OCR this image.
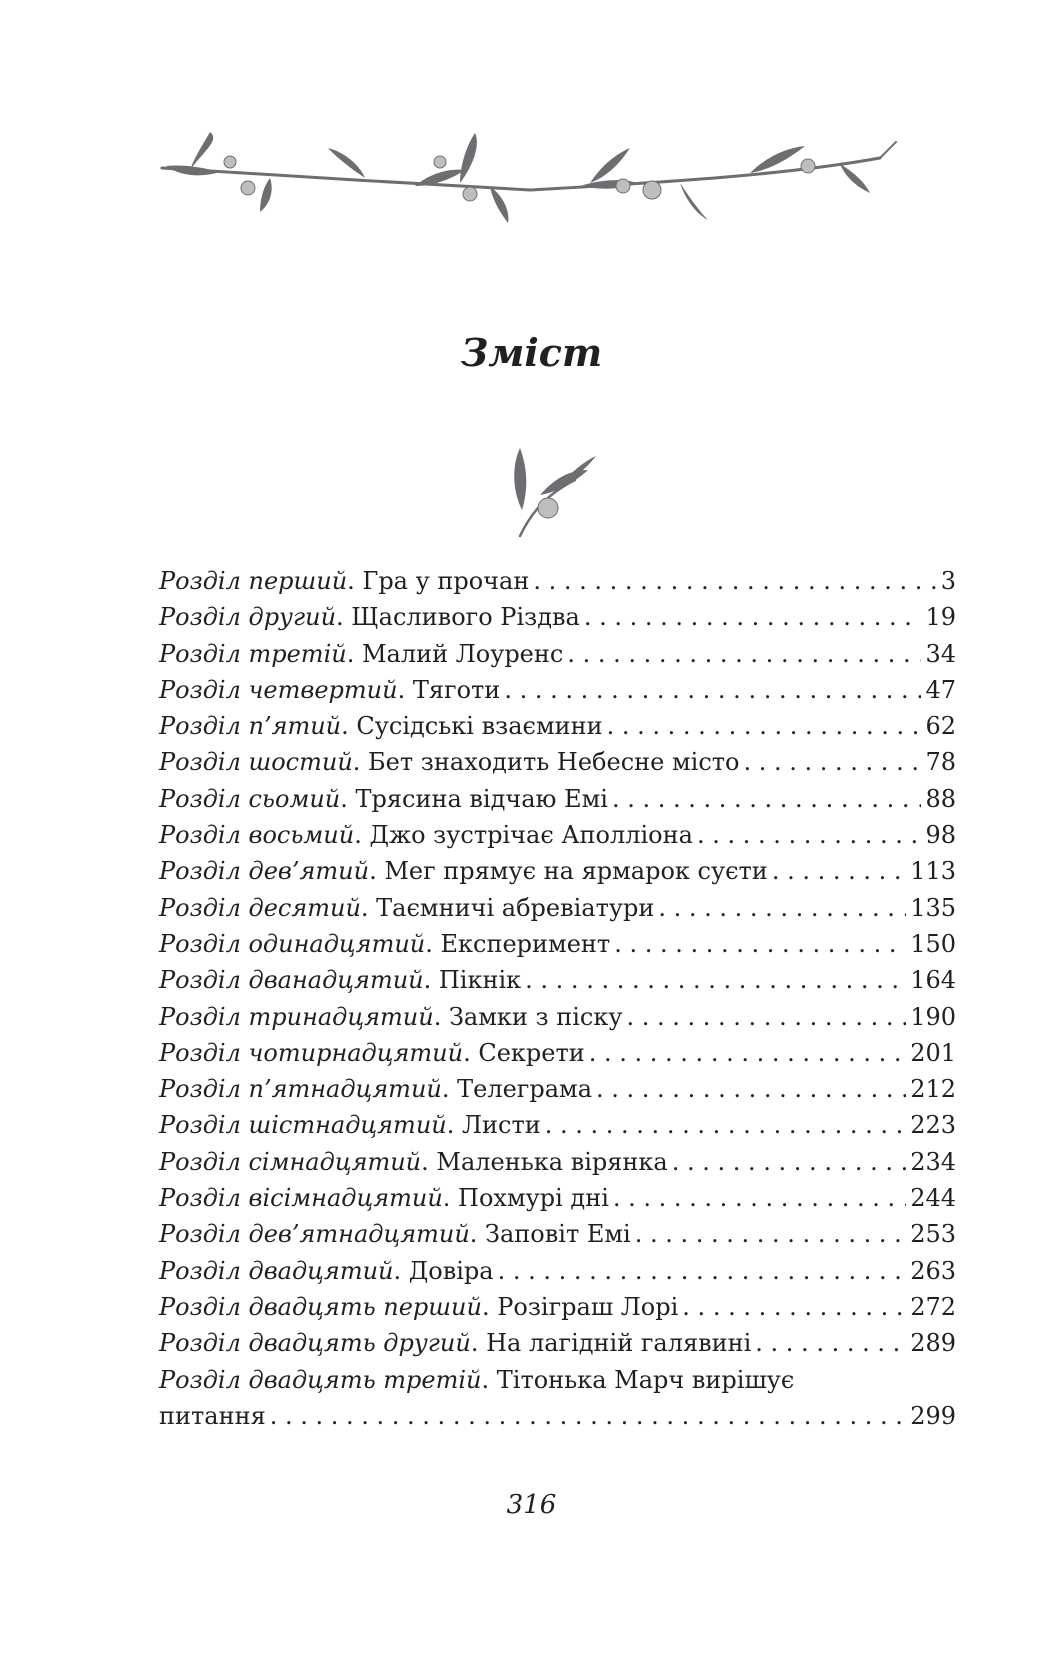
Зміст
Розділ перший . Гра у прочан . . .	3
Розділ другий . Щасливого Різдва . . .	19
Розділ третій . Малий Лоуренс . . .	34
Розділ четвертий . Тяготи . . .	47
Розділ п’ятий . Сусідські взаємини . . .	62
Розділ шостий . Бет знаходить Небесне місто . . .	78
Розділ сьомий . Трясина відчаю Емі . . .	88
Розділ восьмий . Джо зустрічає Аполліона . . .	98
Розділ дев’ятий . Мег прямує на ярмарок суєти . . .	113
Розділ десятий . Таємничі абревіатури . . .	135
Розділ одинадцятий . Експеримент . . .	150
Розділ дванадцятий . Пікнік . . .	164
Розділ тринадцятий . Замки з піску . . .	190
Розділ чотирнадцятий . Секрети . . .	201
Розділ п’ятнадцятий . Телеграма . . .	212
Розділ шістнадцятий . Листи . . .	223
Розділ сімнадцятий . Маленька вірянка . . .	234
Розділ вісімнадцятий . Похмурі дні . . .	244
Розділ дев’ятнадцятий . Заповіт Емі . . .	253
Розділ двадцятий . Довіра . . .	263
Розділ двадцять перший . Розіграш Лорі . . .	272
Розділ двадцять другий . На лагідній галявині . . .	289
Розділ двадцять третій. Тітонька Марч вирішує
питання . . .	299

316
